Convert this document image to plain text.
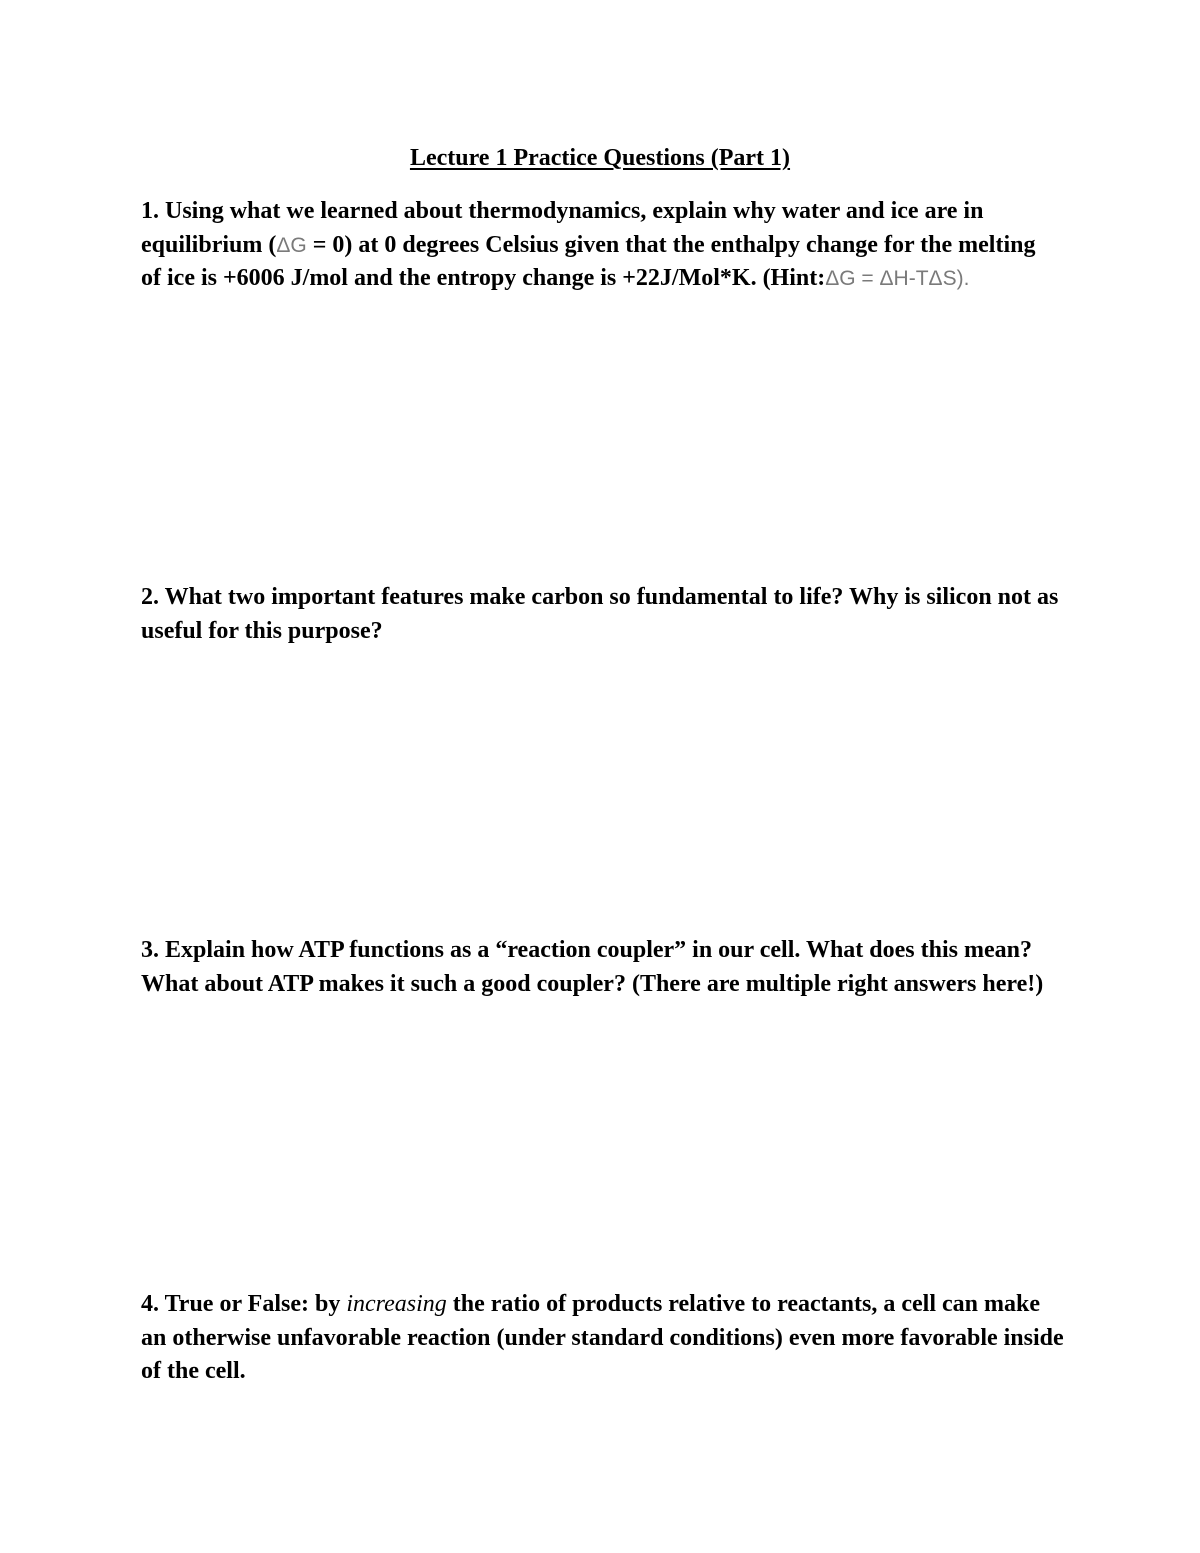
Lecture 1 Practice Questions (Part 1)
1. Using what we learned about thermodynamics, explain why water and ice are in
equilibrium (ΔG = 0) at 0 degrees Celsius given that the enthalpy change for the melting
of ice is +6006 J/mol and the entropy change is +22J/Mol*K. (Hint:ΔG = ΔH-TΔS).
2. What two important features make carbon so fundamental to life? Why is silicon not as
useful for this purpose?
3. Explain how ATP functions as a “reaction coupler” in our cell. What does this mean?
What about ATP makes it such a good coupler? (There are multiple right answers here!)
4. True or False: by increasing the ratio of products relative to reactants, a cell can make
an otherwise unfavorable reaction (under standard conditions) even more favorable inside
of the cell.
